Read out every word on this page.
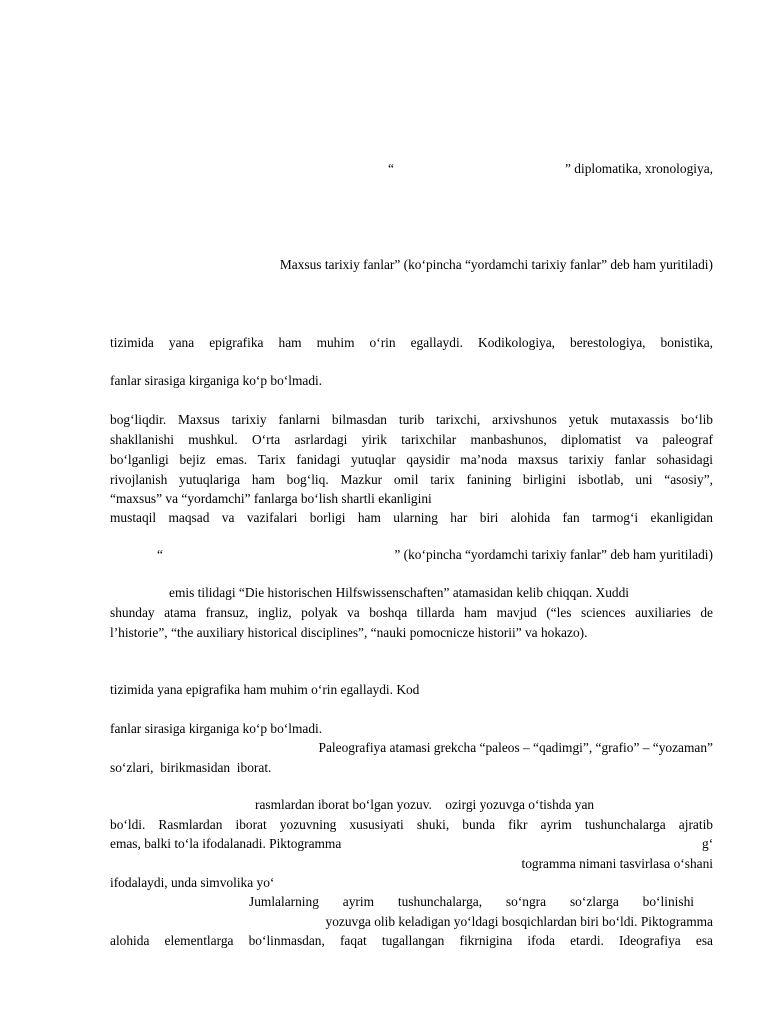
“	” diplomatika, xronologiya,

Maxsus tarixiy fanlar” (ko‘pincha “yordamchi tarixiy fanlar” deb ham yuritiladi)

tizimida yana epigrafika ham muhim o‘rin egallaydi. Kodikologiya, berestologiya, bonistika,

fanlar sirasiga kirganiga ko‘p bo‘lmadi.

bog‘liqdir. Maxsus tarixiy fanlarni bilmasdan turib tarixchi, arxivshunos yetuk mutaxassis bo‘lib

shakllanishi mushkul. O‘rta asrlardagi yirik tarixchilar manbashunos, diplomatist va paleograf

bo‘lganligi bejiz emas. Tarix fanidagi yutuqlar qaysidir ma’noda maxsus tarixiy fanlar sohasidagi

rivojlanish yutuqlariga ham bog‘liq. Mazkur omil tarix fanining birligini isbotlab, uni “asosiy”,

“maxsus” va “yordamchi” fanlarga bo‘lish shartli ekanligini

mustaqil maqsad va vazifalari borligi ham ularning har biri alohida fan tarmog‘i ekanligidan

“	” (ko‘pincha “yordamchi tarixiy fanlar” deb ham yuritiladi)

emis tilidagi “Die historischen Hilfswissenschaften” atamasidan kelib chiqqan. Xuddi

shunday atama fransuz, ingliz, polyak va boshqa tillarda ham mavjud (“les sciences auxiliaries de

l’historie”, “the auxiliary historical disciplines”, “nauki pomocnicze historii” va hokazo).

tizimida yana epigrafika ham muhim o‘rin egallaydi. Kod

fanlar sirasiga kirganiga ko‘p bo‘lmadi.

Paleografiya atamasi grekcha “paleos – “qadimgi”, “grafio” – “yozaman”

so‘zlari,  birikmasidan  iborat.

rasmlardan iborat bo‘lgan yozuv.    ozirgi yozuvga o‘tishda yan

bo‘ldi. Rasmlardan iborat yozuvning xususiyati shuki, bunda fikr ayrim tushunchalarga ajratib

emas, balki to‘la ifodalanadi. Piktogramma	g‘

togramma nimani tasvirlasa o‘shani

ifodalaydi, unda simvolika yo‘

Jumlalarning ayrim tushunchalarga, so‘ngra so‘zlarga bo‘linishi

yozuvga olib keladigan yo‘ldagi bosqichlardan biri bo‘ldi. Piktogramma

alohida elementlarga bo‘linmasdan, faqat tugallangan fikrnigina ifoda etardi. Ideografiya esa
